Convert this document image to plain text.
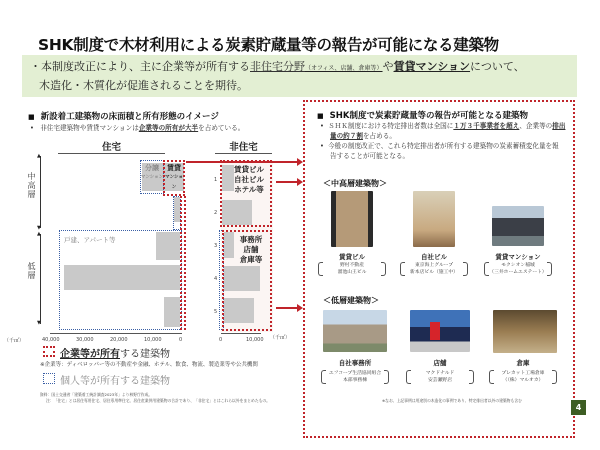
SHK制度で木材利用による炭素貯蔵量等の報告が可能になる建築物
・本制度改正により、主に企業等が所有する非住宅分野（オフィス、店舗、倉庫等）や賃貸マンションについて、
木造化・木質化が促進されることを期待。
■ 新設着工建築物の床面積と所有形態のイメージ
•   非住宅建築物や賃貸マンションは企業等の所有が大半を占めている。
住宅	非住宅
▲
▼
中高層
▲
▼
低層
分譲
マンション
賃貸
マンション
戸建、アパート等
（千㎡）	40,000	30,000	20,000	10,000	0
1
2
3
4
5
賃貸ビル
自社ビル
ホテル等
事務所
店舗
倉庫等
0	10,000 （千㎡）
企業等が所有する建築物
※企業等：ディベロッパー等の不動産や金融、ホテル、飲食、物流、製造業等や公共機関
個人等が所有する建築物
資料：国土交通省「建築着工統計調査2023年」より林野庁作成。
注：「住宅」とは居住専用住宅、居住専用準住宅、居住産業併用建築物の合計であり、「非住宅」とはこれら以外をまとめたもの。
■ SHK制度で炭素貯蔵量等の報告が可能となる建築物
•  ＳＨＫ制度における特定排出者数は全国に１万３千事業者を超え、企業等の排出量の約７割を占める。
•  今般の制度改正で、これら特定排出者が所有する建築物の炭素蓄積変化量を報告することが可能となる。
＜中高層建築物＞
賃貸ビル
野村不動産
溜池山王ビル
自社ビル
東京海上グループ
新本店ビル（施工中）
賃貸マンション
モクシオン稲城
（三井ホームエステート）
＜低層建築物＞
自社事務所
エフコープ生活協同組合
本部事務棟
店舗
マクドナルド
安芸瀬野店
倉庫
プレカット工場倉庫
（（株）マルオカ）
※なお、上記事例は用途別の木造化の事例であり、特定排出者以外の建築物も含む
4
